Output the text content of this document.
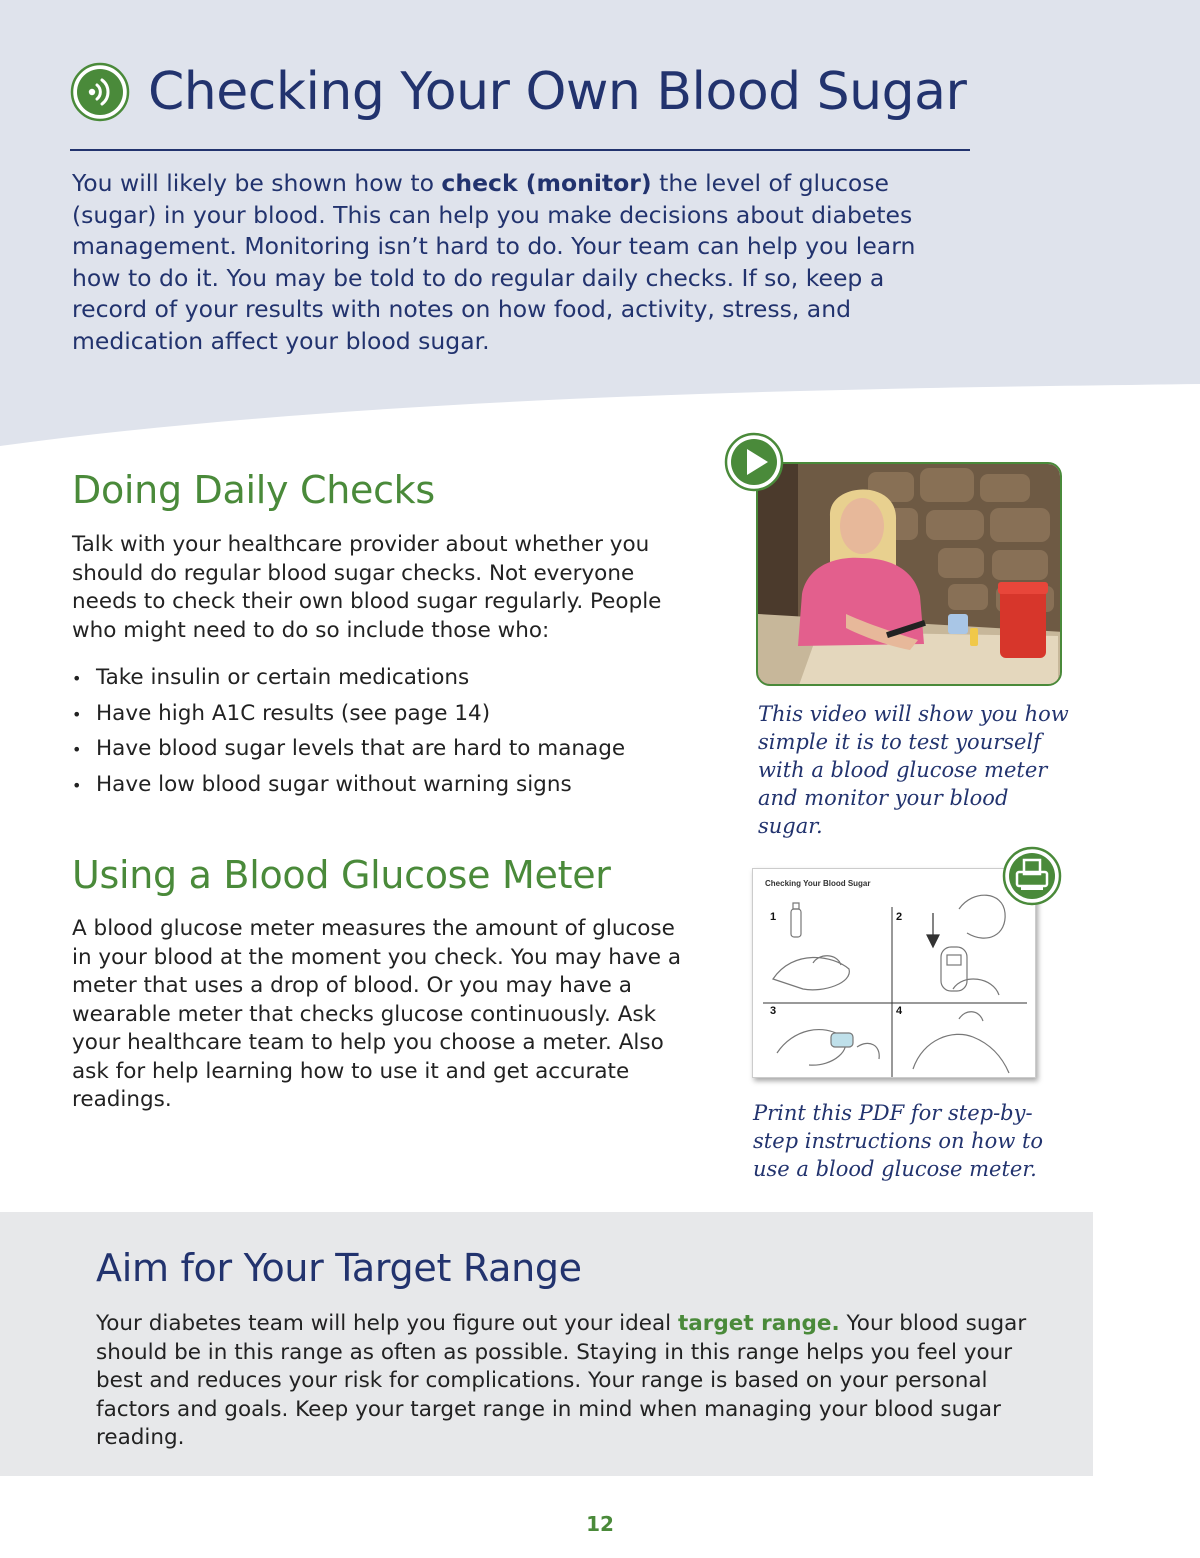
Checking Your Own Blood Sugar

You will likely be shown how to check (monitor) the level of glucose (sugar) in your blood. This can help you make decisions about diabetes management. Monitoring isn’t hard to do. Your team can help you learn how to do it. You may be told to do regular daily checks. If so, keep a record of your results with notes on how food, activity, stress, and medication affect your blood sugar.

Doing Daily Checks

Talk with your healthcare provider about whether you should do regular blood sugar checks. Not everyone needs to check their own blood sugar regularly. People who might need to do so include those who:

• Take insulin or certain medications
• Have high A1C results (see page 14)
• Have blood sugar levels that are hard to manage
• Have low blood sugar without warning signs

This video will show you how simple it is to test yourself with a blood glucose meter and monitor your blood sugar.

Using a Blood Glucose Meter

A blood glucose meter measures the amount of glucose in your blood at the moment you check. You may have a meter that uses a drop of blood. Or you may have a wearable meter that checks glucose continuously. Ask your healthcare team to help you choose a meter. Also ask for help learning how to use it and get accurate readings.

Checking Your Blood Sugar
1	2
3	4

Print this PDF for step-by-step instructions on how to use a blood glucose meter.

Aim for Your Target Range

Your diabetes team will help you figure out your ideal target range. Your blood sugar should be in this range as often as possible. Staying in this range helps you feel your best and reduces your risk for complications. Your range is based on your personal factors and goals. Keep your target range in mind when managing your blood sugar reading.

12
